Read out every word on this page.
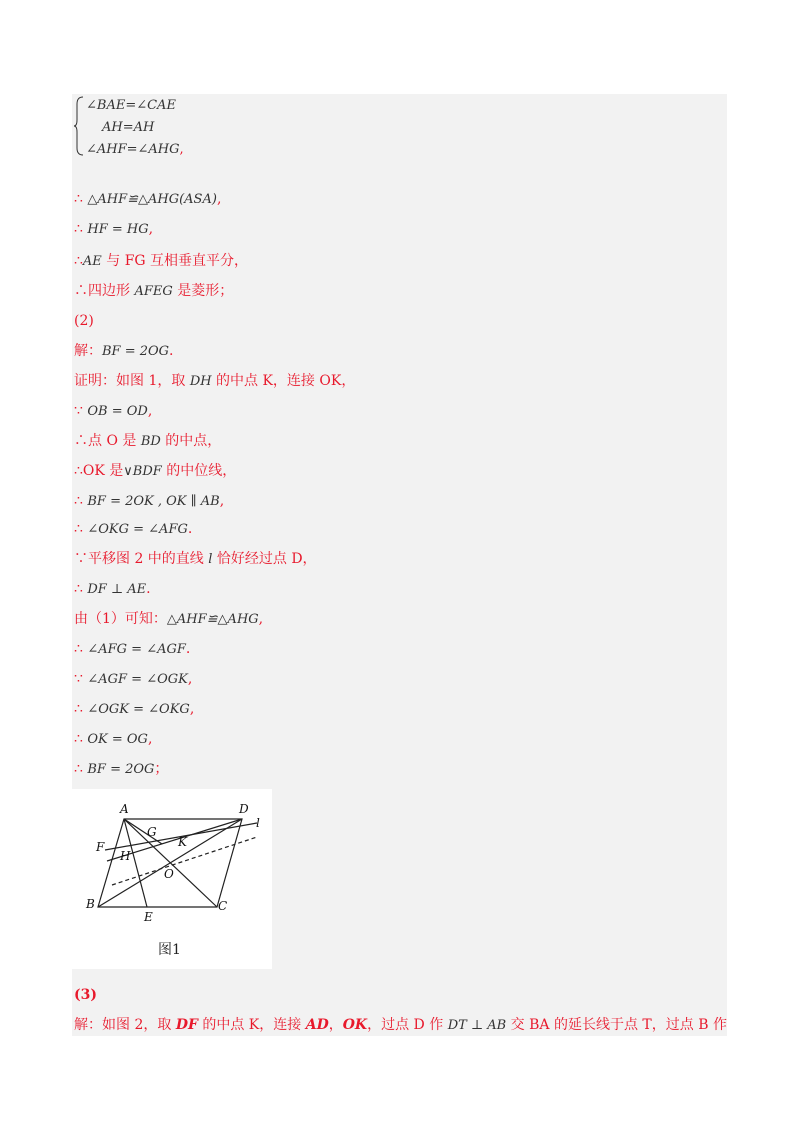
∠BAE=∠CAE
AH=AH
∠AHF=∠AHG,
∴ △AHF≌△AHG(ASA),
∴ HF = HG,
∴AE 与 FG 互相垂直平分，
∴四边形 AFEG 是菱形；
(2)
解：BF = 2OG.
证明：如图 1，取 DH 的中点 K，连接 OK，
∵ OB = OD,
∴点 O 是 BD 的中点，
∴OK 是∨BDF 的中位线，
∴ BF = 2OK , OK ∥ AB,
∴ ∠OKG = ∠AFG.
∵平移图 2 中的直线 l 恰好经过点 D，
∴ DF ⊥ AE.
由（1）可知：△AHF≌△AHG,
∴ ∠AFG = ∠AGF.
∵ ∠AGF = ∠OGK,
∴ ∠OGK = ∠OKG,
∴ OK = OG,
∴ BF = 2OG；
A	D
l
G
K
F
H
O
B
E
C
图1
(3)
解：如图 2，取 DF 的中点 K，连接 AD，OK，过点 D 作 DT ⊥ AB 交 BA 的延长线于点 T，过点 B 作
